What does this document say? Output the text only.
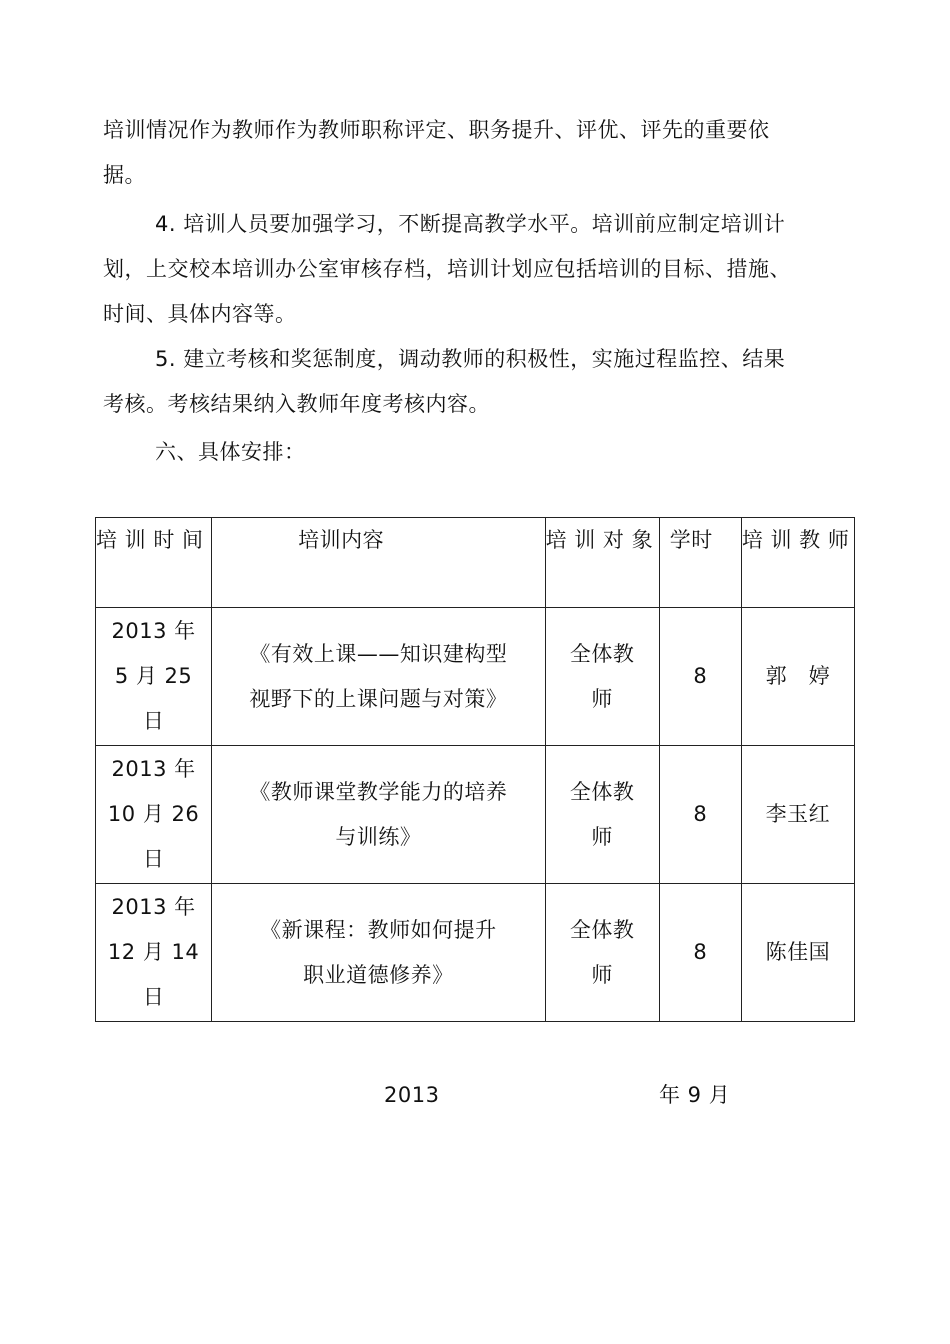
培训情况作为教师作为教师职称评定、职务提升、评优、评先的重要依据。

4. 培训人员要加强学习，不断提高教学水平。培训前应制定培训计划，上交校本培训办公室审核存档，培训计划应包括培训的目标、措施、时间、具体内容等。

5. 建立考核和奖惩制度，调动教师的积极性，实施过程监控、结果考核。考核结果纳入教师年度考核内容。

六、具体安排：

培 训 时 间	培训内容	培 训 对 象	学时	培 训 教 师

2013 年
5 月 25
日	《有效上课——知识建构型
视野下的上课问题与对策》	全体教
师	8	郭　婷

2013 年
10 月 26
日	《教师课堂教学能力的培养
与训练》	全体教
师	8	李玉红

2013 年
12 月 14
日	《新课程：教师如何提升
职业道德修养》	全体教
师	8	陈佳国
2013	年 9 月
